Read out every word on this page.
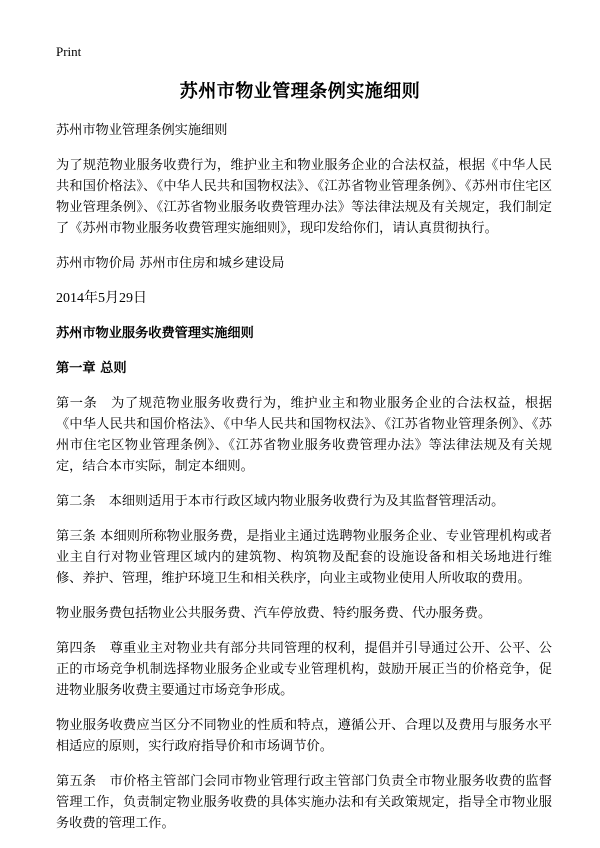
Print
苏州市物业管理条例实施细则

苏州市物业管理条例实施细则

为了规范物业服务收费行为，维护业主和物业服务企业的合法权益，根据《中华人民共和国价格法》、《中华人民共和国物权法》、《江苏省物业管理条例》、《苏州市住宅区物业管理条例》、《江苏省物业服务收费管理办法》等法律法规及有关规定，我们制定了《苏州市物业服务收费管理实施细则》，现印发给你们，请认真贯彻执行。

苏州市物价局 苏州市住房和城乡建设局

2014年5月29日

苏州市物业服务收费管理实施细则

第一章 总则

第一条　为了规范物业服务收费行为，维护业主和物业服务企业的合法权益，根据《中华人民共和国价格法》、《中华人民共和国物权法》、《江苏省物业管理条例》、《苏州市住宅区物业管理条例》、《江苏省物业服务收费管理办法》等法律法规及有关规定，结合本市实际，制定本细则。

第二条　本细则适用于本市行政区域内物业服务收费行为及其监督管理活动。

第三条 本细则所称物业服务费，是指业主通过选聘物业服务企业、专业管理机构或者业主自行对物业管理区域内的建筑物、构筑物及配套的设施设备和相关场地进行维修、养护、管理，维护环境卫生和相关秩序，向业主或物业使用人所收取的费用。

物业服务费包括物业公共服务费、汽车停放费、特约服务费、代办服务费。

第四条　尊重业主对物业共有部分共同管理的权利，提倡并引导通过公开、公平、公正的市场竞争机制选择物业服务企业或专业管理机构，鼓励开展正当的价格竞争，促进物业服务收费主要通过市场竞争形成。

物业服务收费应当区分不同物业的性质和特点，遵循公开、合理以及费用与服务水平相适应的原则，实行政府指导价和市场调节价。

第五条　市价格主管部门会同市物业管理行政主管部门负责全市物业服务收费的监督管理工作，负责制定物业服务收费的具体实施办法和有关政策规定，指导全市物业服务收费的管理工作。
